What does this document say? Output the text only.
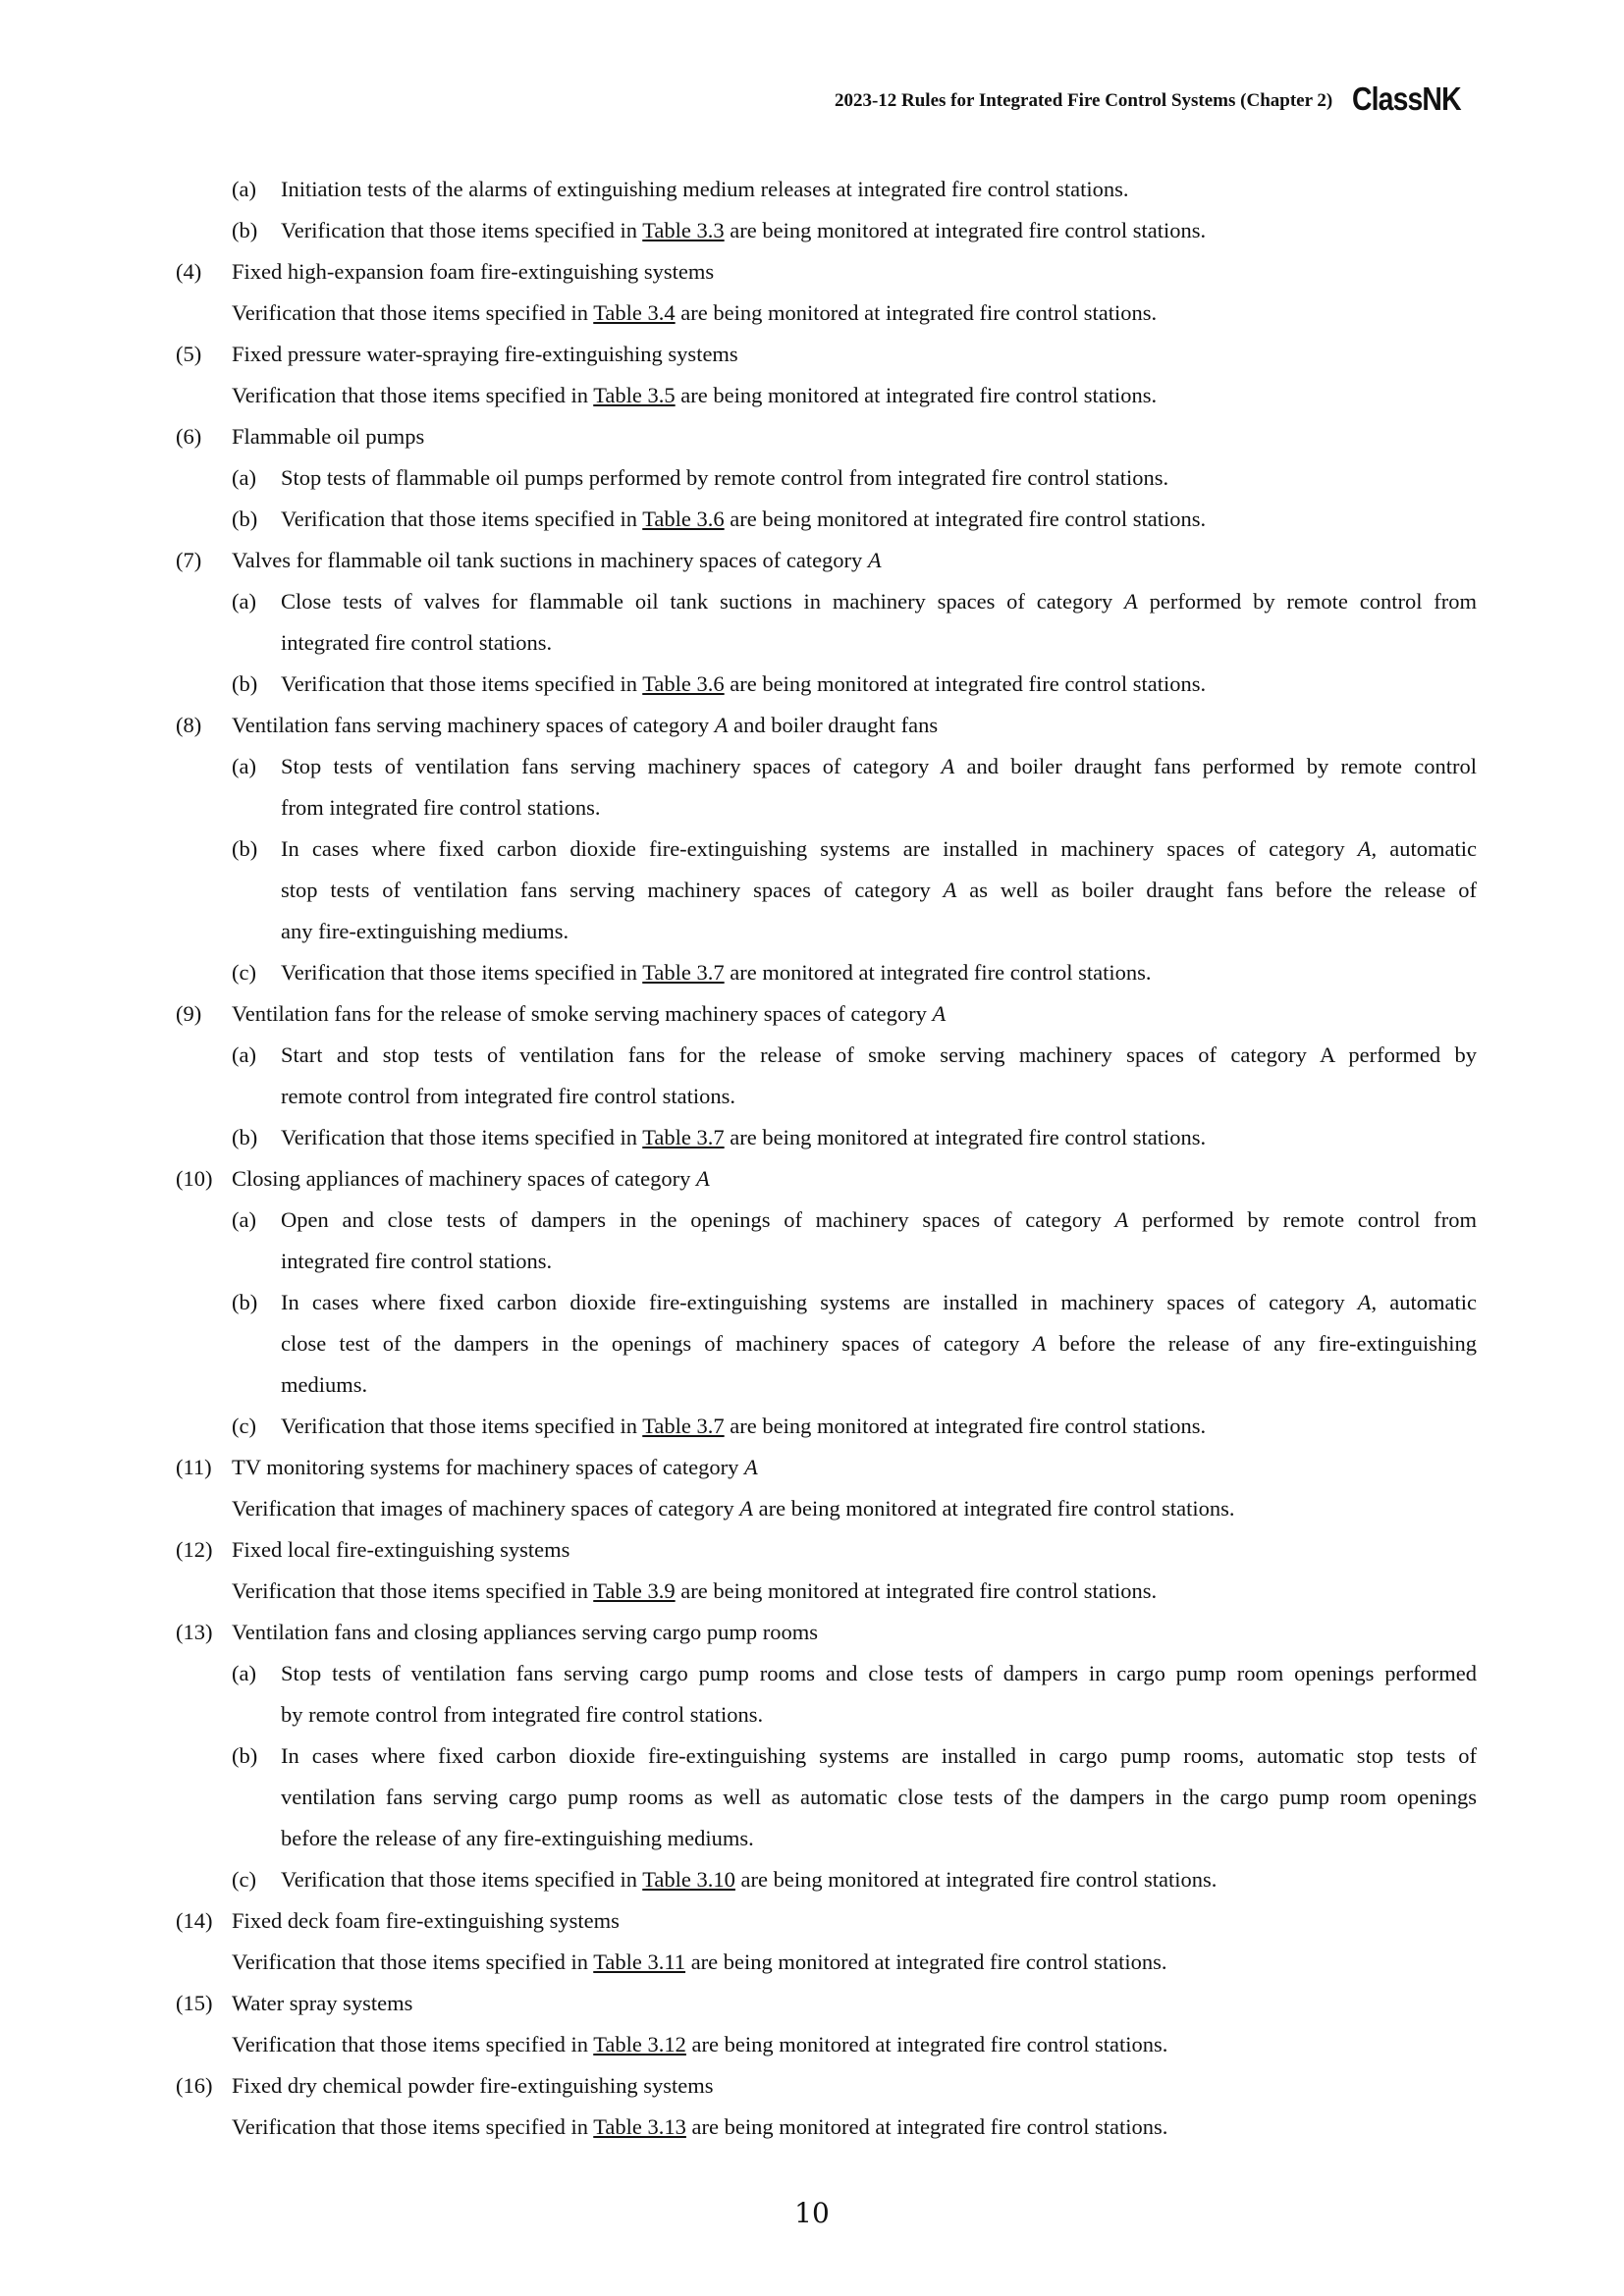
2023-12 Rules for Integrated Fire Control Systems (Chapter 2) ClassNK
(a) Initiation tests of the alarms of extinguishing medium releases at integrated fire control stations.
(b) Verification that those items specified in Table 3.3 are being monitored at integrated fire control stations.
(4) Fixed high-expansion foam fire-extinguishing systems
Verification that those items specified in Table 3.4 are being monitored at integrated fire control stations.
(5) Fixed pressure water-spraying fire-extinguishing systems
Verification that those items specified in Table 3.5 are being monitored at integrated fire control stations.
(6) Flammable oil pumps
(a) Stop tests of flammable oil pumps performed by remote control from integrated fire control stations.
(b) Verification that those items specified in Table 3.6 are being monitored at integrated fire control stations.
(7) Valves for flammable oil tank suctions in machinery spaces of category A
(a) Close tests of valves for flammable oil tank suctions in machinery spaces of category A performed by remote control from
integrated fire control stations.
(b) Verification that those items specified in Table 3.6 are being monitored at integrated fire control stations.
(8) Ventilation fans serving machinery spaces of category A and boiler draught fans
(a) Stop tests of ventilation fans serving machinery spaces of category A and boiler draught fans performed by remote control
from integrated fire control stations.
(b) In cases where fixed carbon dioxide fire-extinguishing systems are installed in machinery spaces of category A, automatic
stop tests of ventilation fans serving machinery spaces of category A as well as boiler draught fans before the release of
any fire-extinguishing mediums.
(c) Verification that those items specified in Table 3.7 are monitored at integrated fire control stations.
(9) Ventilation fans for the release of smoke serving machinery spaces of category A
(a) Start and stop tests of ventilation fans for the release of smoke serving machinery spaces of category A performed by
remote control from integrated fire control stations.
(b) Verification that those items specified in Table 3.7 are being monitored at integrated fire control stations.
(10) Closing appliances of machinery spaces of category A
(a) Open and close tests of dampers in the openings of machinery spaces of category A performed by remote control from
integrated fire control stations.
(b) In cases where fixed carbon dioxide fire-extinguishing systems are installed in machinery spaces of category A, automatic
close test of the dampers in the openings of machinery spaces of category A before the release of any fire-extinguishing
mediums.
(c) Verification that those items specified in Table 3.7 are being monitored at integrated fire control stations.
(11) TV monitoring systems for machinery spaces of category A
Verification that images of machinery spaces of category A are being monitored at integrated fire control stations.
(12) Fixed local fire-extinguishing systems
Verification that those items specified in Table 3.9 are being monitored at integrated fire control stations.
(13) Ventilation fans and closing appliances serving cargo pump rooms
(a) Stop tests of ventilation fans serving cargo pump rooms and close tests of dampers in cargo pump room openings performed
by remote control from integrated fire control stations.
(b) In cases where fixed carbon dioxide fire-extinguishing systems are installed in cargo pump rooms, automatic stop tests of
ventilation fans serving cargo pump rooms as well as automatic close tests of the dampers in the cargo pump room openings
before the release of any fire-extinguishing mediums.
(c) Verification that those items specified in Table 3.10 are being monitored at integrated fire control stations.
(14) Fixed deck foam fire-extinguishing systems
Verification that those items specified in Table 3.11 are being monitored at integrated fire control stations.
(15) Water spray systems
Verification that those items specified in Table 3.12 are being monitored at integrated fire control stations.
(16) Fixed dry chemical powder fire-extinguishing systems
Verification that those items specified in Table 3.13 are being monitored at integrated fire control stations.
10
